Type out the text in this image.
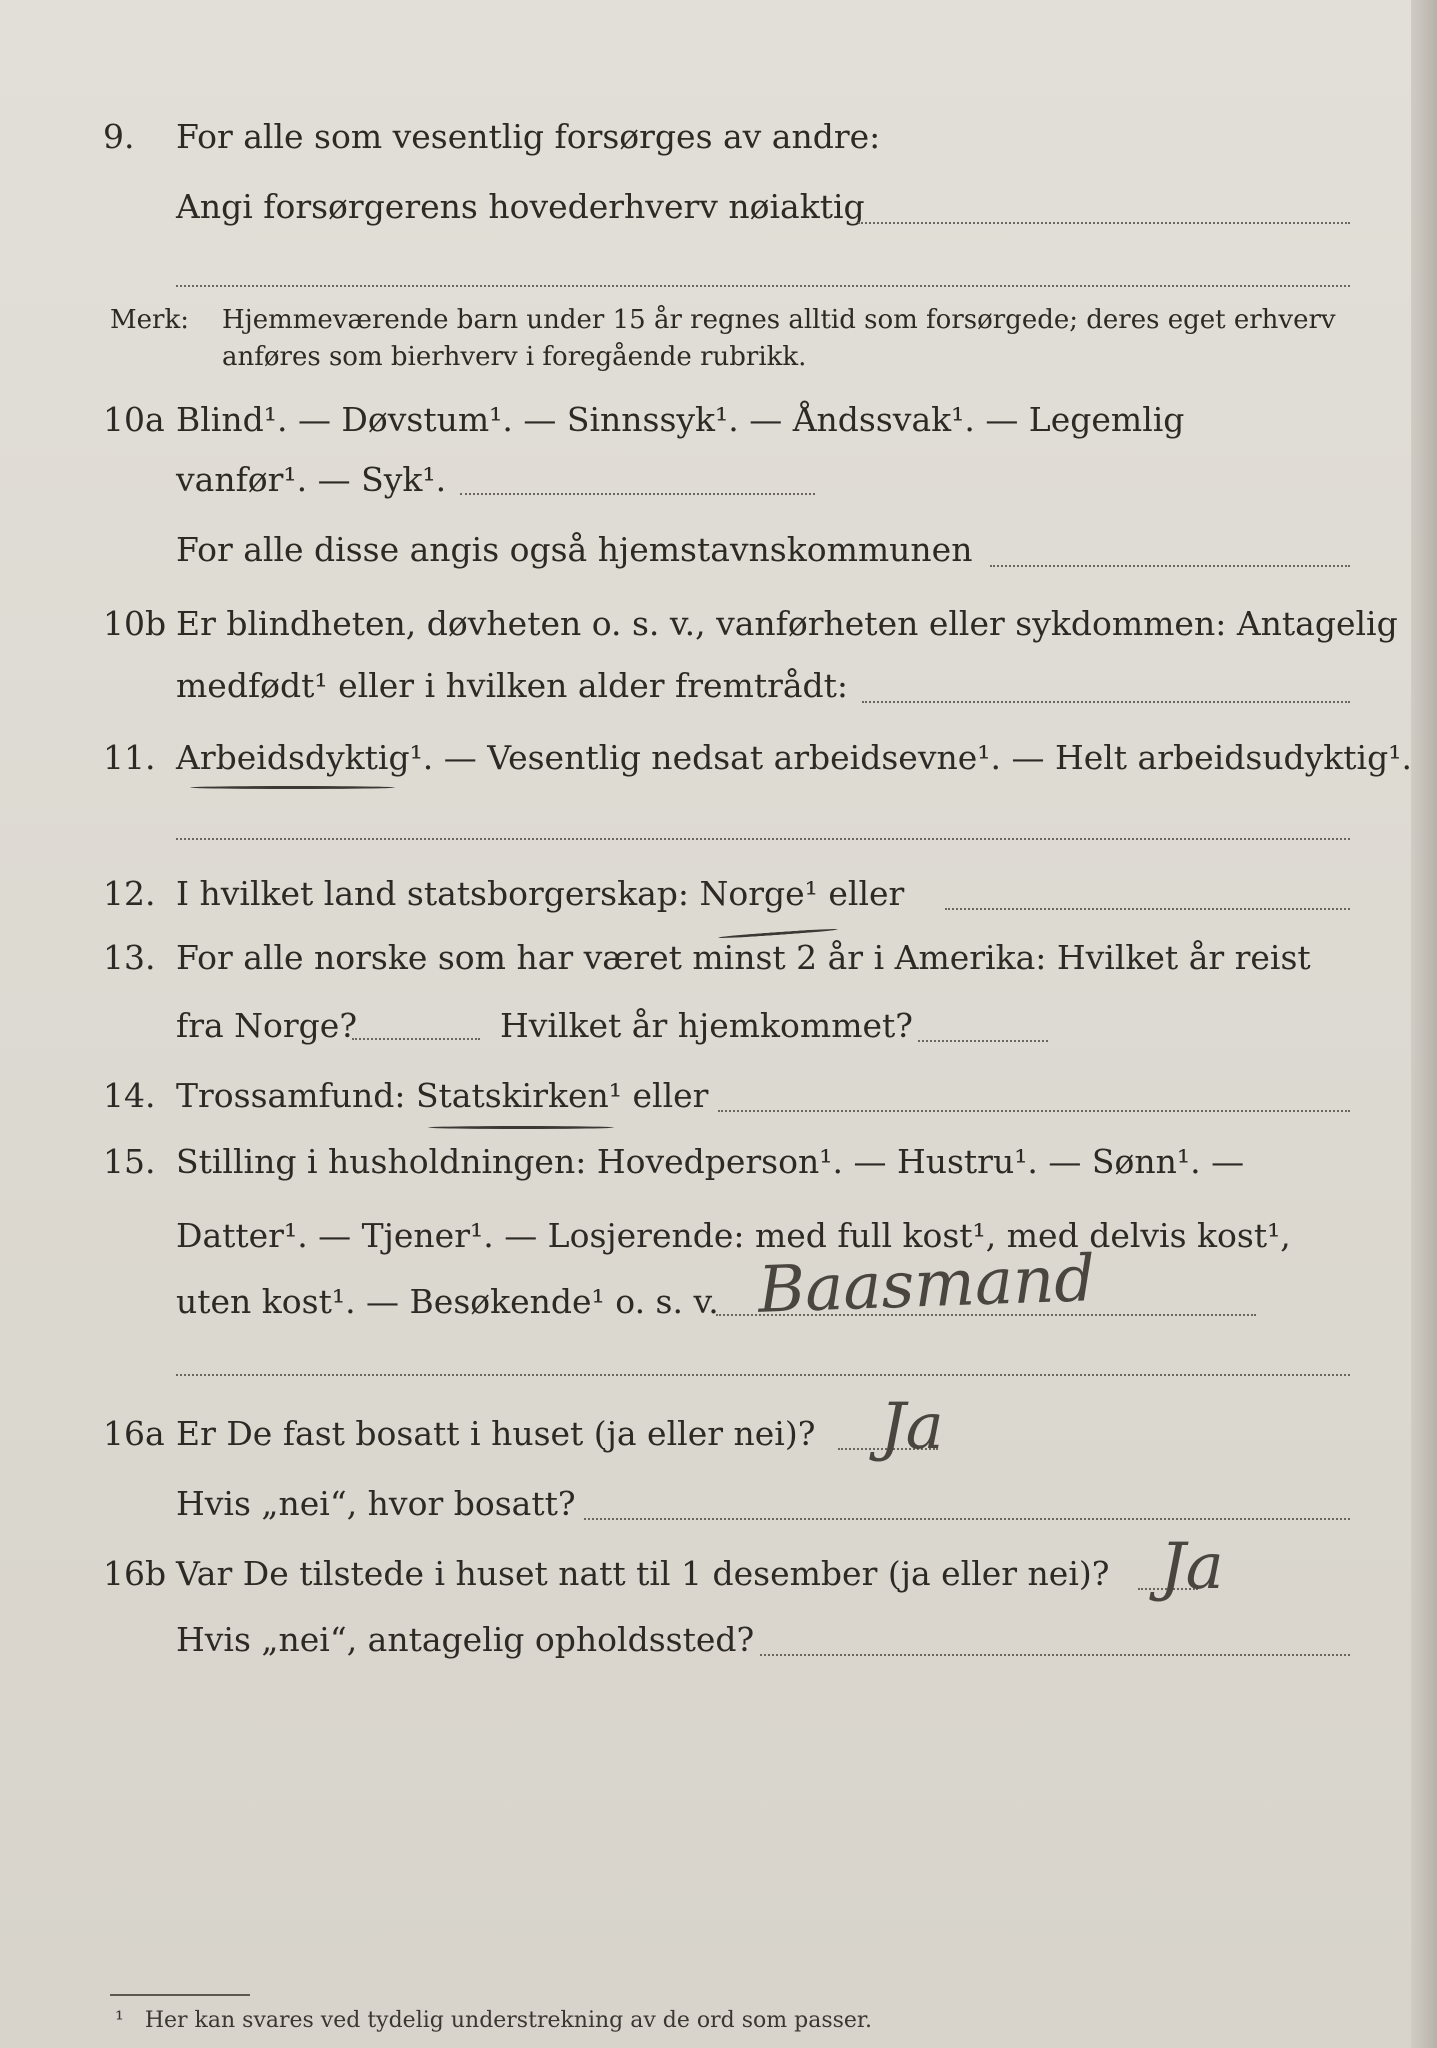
9.	For alle som vesentlig forsørges av andre:
Angi forsørgerens hovederhverv nøiaktig
Merk: Hjemmeværende barn under 15 år regnes alltid som forsørgede; deres eget erhverv
anføres som bierhverv i foregående rubrikk.
10a Blind¹. — Døvstum¹. — Sinnssyk¹. — Åndssvak¹. — Legemlig
vanfør¹. — Syk¹.
For alle disse angis også hjemstavnskommunen
10b Er blindheten, døvheten o. s. v., vanførheten eller sykdommen: Antagelig
medfødt¹ eller i hvilken alder fremtrådt:
11. Arbeidsdyktig¹. — Vesentlig nedsat arbeidsevne¹. — Helt arbeidsudyktig¹.
12. I hvilket land statsborgerskap: Norge¹ eller
13. For alle norske som har været minst 2 år i Amerika: Hvilket år reist
fra Norge?	Hvilket år hjemkommet?
14. Trossamfund: Statskirken¹ eller
15. Stilling i husholdningen: Hovedperson¹. — Hustru¹. — Sønn¹. —
Datter¹. — Tjener¹. — Losjerende: med full kost¹, med delvis kost¹,
uten kost¹. — Besøkende¹ o. s. v. Baasmand
16a Er De fast bosatt i huset (ja eller nei)? Ja
Hvis „nei“, hvor bosatt?
16b Var De tilstede i huset natt til 1 desember (ja eller nei)? Ja
Hvis „nei“, antagelig opholdssted?
¹ Her kan svares ved tydelig understrekning av de ord som passer.
